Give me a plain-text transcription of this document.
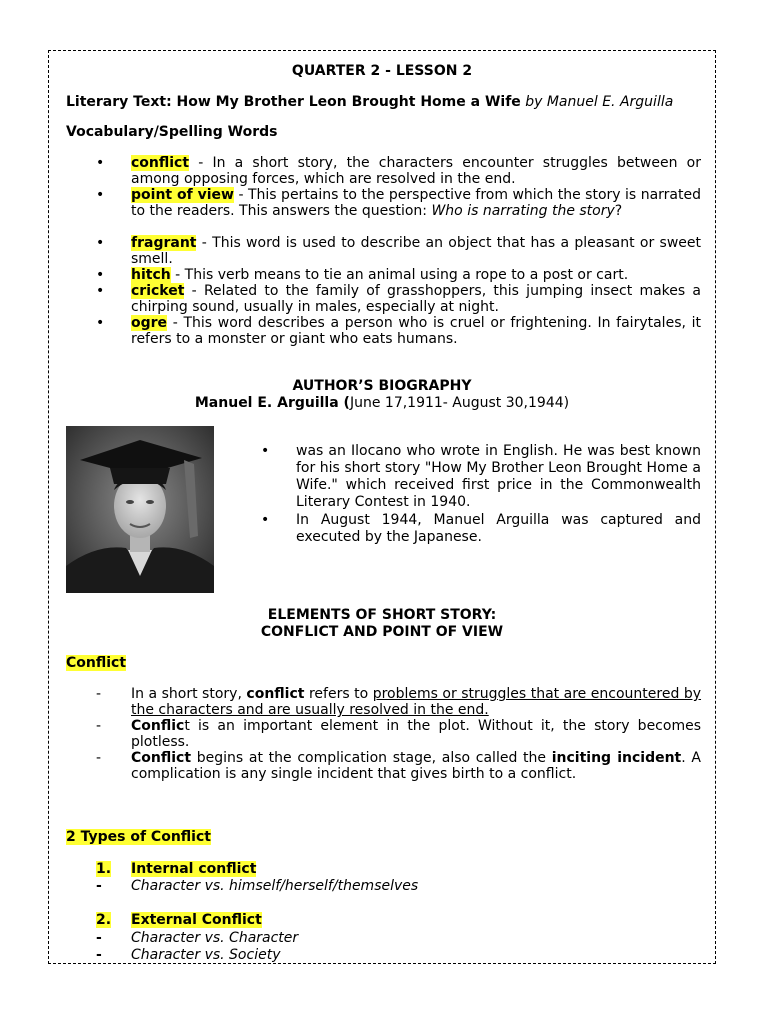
QUARTER 2 - LESSON 2
Literary Text: How My Brother Leon Brought Home a Wife by Manuel E. Arguilla
Vocabulary/Spelling Words
• conflict - In a short story, the characters encounter struggles between or among opposing forces, which are resolved in the end.
• point of view - This pertains to the perspective from which the story is narrated to the readers. This answers the question: Who is narrating the story?
• fragrant - This word is used to describe an object that has a pleasant or sweet smell.
• hitch - This verb means to tie an animal using a rope to a post or cart.
• cricket - Related to the family of grasshoppers, this jumping insect makes a chirping sound, usually in males, especially at night.
• ogre - This word describes a person who is cruel or frightening. In fairytales, it refers to a monster or giant who eats humans.
AUTHOR’S BIOGRAPHY
Manuel E. Arguilla (June 17,1911- August 30,1944)
• was an Ilocano who wrote in English. He was best known for his short story "How My Brother Leon Brought Home a Wife." which received first price in the Commonwealth Literary Contest in 1940.
• In August 1944, Manuel Arguilla was captured and executed by the Japanese.
ELEMENTS OF SHORT STORY:
CONFLICT AND POINT OF VIEW
Conflict
- In a short story, conflict refers to problems or struggles that are encountered by the characters and are usually resolved in the end.
- Conflict is an important element in the plot. Without it, the story becomes plotless.
- Conflict begins at the complication stage, also called the inciting incident. A complication is any single incident that gives birth to a conflict.
2 Types of Conflict
1. Internal conflict
- Character vs. himself/herself/themselves
2. External Conflict
- Character vs. Character
- Character vs. Society
